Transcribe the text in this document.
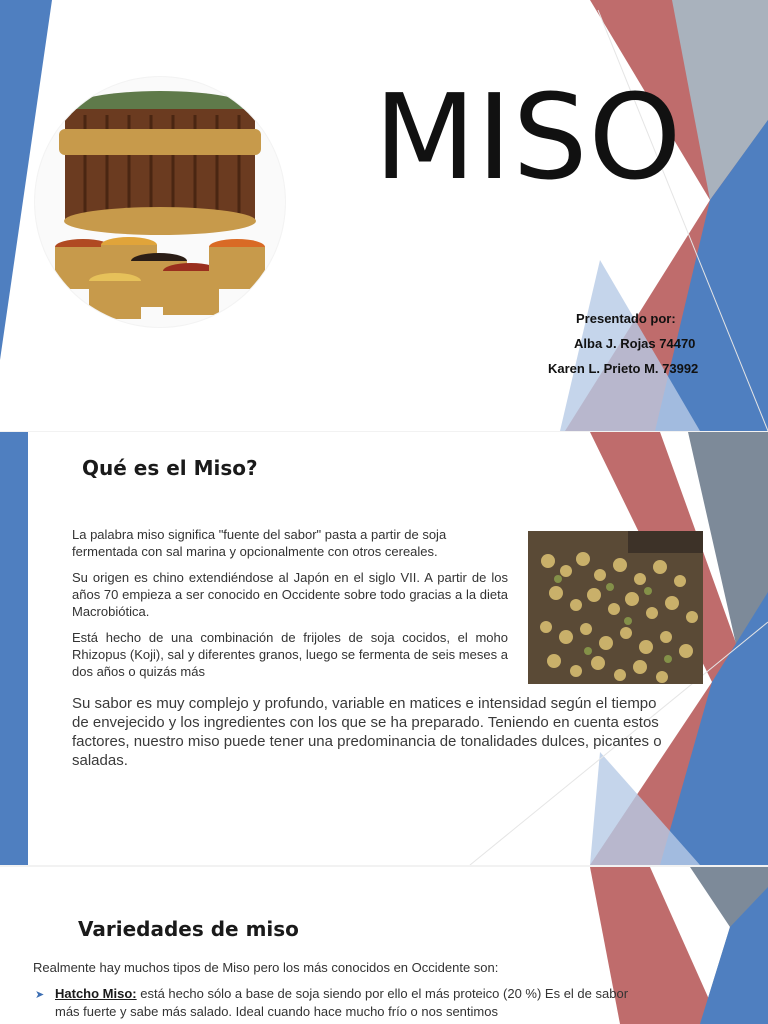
MISO
Presentado por:
Alba J. Rojas 74470
Karen L. Prieto M. 73992
Qué es el Miso?
La palabra miso significa "fuente del sabor" pasta a partir de soja fermentada con sal marina y opcionalmente con otros cereales.
Su origen es chino extendiéndose al Japón en el siglo VII. A partir de los años 70 empieza a ser conocido en Occidente sobre todo gracias a la dieta Macrobiótica.
Está hecho de una combinación de frijoles de soja cocidos, el moho Rhizopus (Koji), sal y diferentes granos, luego se fermenta de seis meses a dos años o quizás más
Su sabor es muy complejo y profundo, variable en matices e intensidad según el tiempo de envejecido y los ingredientes con los que se ha preparado. Teniendo en cuenta estos factores, nuestro miso puede tener una predominancia de tonalidades dulces, picantes o saladas.
Variedades de miso
Realmente hay muchos tipos de Miso pero los más conocidos en Occidente son:
➤ Hatcho Miso: está hecho sólo a base de soja siendo por ello el más proteico (20 %) Es el de sabor más fuerte y sabe más salado. Ideal cuando hace mucho frío o nos sentimos
